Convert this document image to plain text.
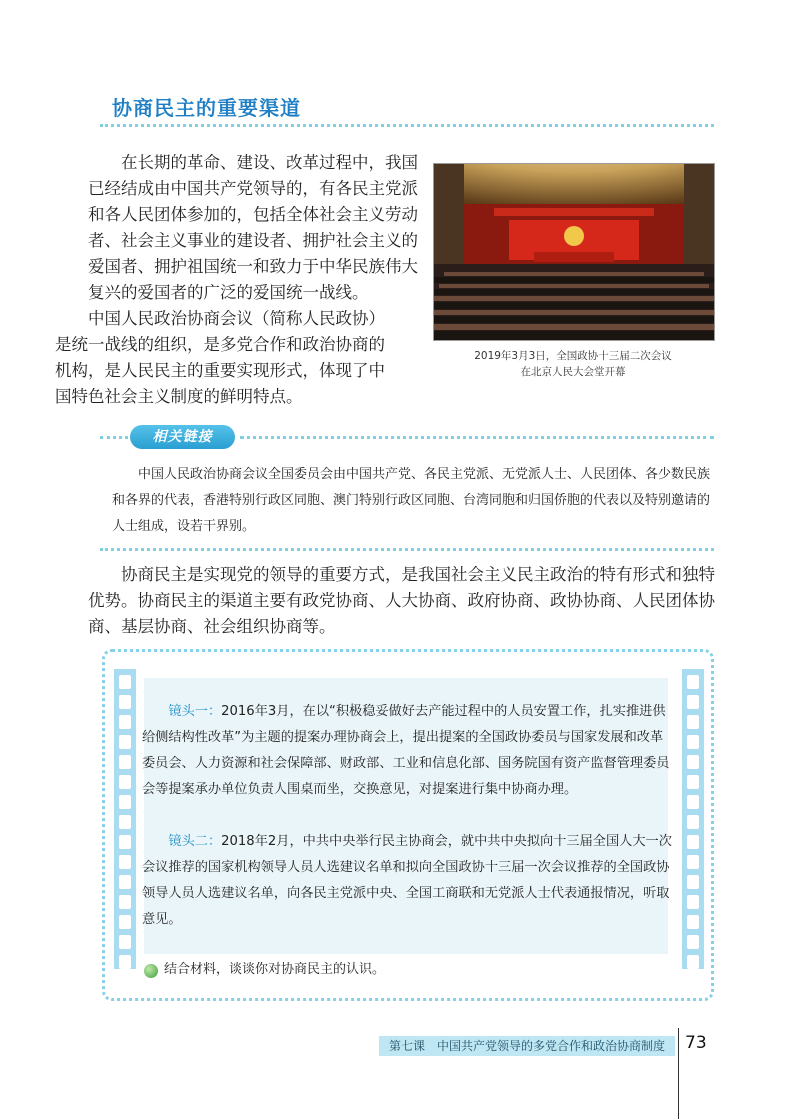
协商民主的重要渠道

在长期的革命、建设、改革过程中，我国已经结成由中国共产党领导的，有各民主党派和各人民团体参加的，包括全体社会主义劳动者、社会主义事业的建设者、拥护社会主义的爱国者、拥护祖国统一和致力于中华民族伟大复兴的爱国者的广泛的爱国统一战线。
中国人民政治协商会议（简称人民政协）是统一战线的组织，是多党合作和政治协商的机构，是人民民主的重要实现形式，体现了中国特色社会主义制度的鲜明特点。

2019年3月3日，全国政协十三届二次会议
在北京人民大会堂开幕
相关链接

中国人民政治协商会议全国委员会由中国共产党、各民主党派、无党派人士、人民团体、各少数民族和各界的代表，香港特别行政区同胞、澳门特别行政区同胞、台湾同胞和归国侨胞的代表以及特别邀请的人士组成，设若干界别。

协商民主是实现党的领导的重要方式，是我国社会主义民主政治的特有形式和独特优势。协商民主的渠道主要有政党协商、人大协商、政府协商、政协协商、人民团体协商、基层协商、社会组织协商等。

镜头一：2016年3月，在以“积极稳妥做好去产能过程中的人员安置工作，扎实推进供给侧结构性改革”为主题的提案办理协商会上，提出提案的全国政协委员与国家发展和改革委员会、人力资源和社会保障部、财政部、工业和信息化部、国务院国有资产监督管理委员会等提案承办单位负责人围桌而坐，交换意见，对提案进行集中协商办理。

镜头二：2018年2月，中共中央举行民主协商会，就中共中央拟向十三届全国人大一次会议推荐的国家机构领导人员人选建议名单和拟向全国政协十三届一次会议推荐的全国政协领导人员人选建议名单，向各民主党派中央、全国工商联和无党派人士代表通报情况，听取意见。

结合材料，谈谈你对协商民主的认识。
第七课　中国共产党领导的多党合作和政治协商制度	73
